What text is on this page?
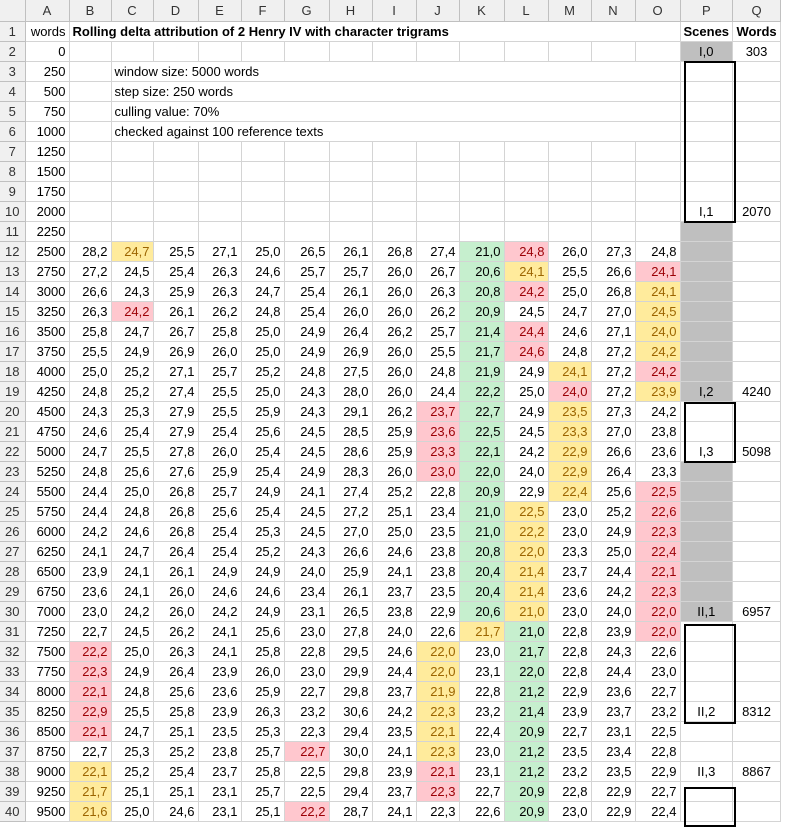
	A	B	C	D	E	F	G	H	I	J	K	L	M	N	O	P	Q
1	words	Rolling delta attribution of 2 Henry IV with character trigrams														Scenes	Words
2	0															I,0	303
3	250		window size: 5000 words														
4	500		step size: 250 words														
5	750		culling value: 70%														
6	1000		checked against 100 reference texts														
7	1250																
8	1500																
9	1750																
10	2000															I,1	2070
11	2250																
12	2500	28,2	24,7	25,5	27,1	25,0	26,5	26,1	26,8	27,4	21,0	24,8	26,0	27,3	24,8		
13	2750	27,2	24,5	25,4	26,3	24,6	25,7	25,7	26,0	26,7	20,6	24,1	25,5	26,6	24,1		
14	3000	26,6	24,3	25,9	26,3	24,7	25,4	26,1	26,0	26,3	20,8	24,2	25,0	26,8	24,1		
15	3250	26,3	24,2	26,1	26,2	24,8	25,4	26,0	26,0	26,2	20,9	24,5	24,7	27,0	24,5		
16	3500	25,8	24,7	26,7	25,8	25,0	24,9	26,4	26,2	25,7	21,4	24,4	24,6	27,1	24,0		
17	3750	25,5	24,9	26,9	26,0	25,0	24,9	26,9	26,0	25,5	21,7	24,6	24,8	27,2	24,2		
18	4000	25,0	25,2	27,1	25,7	25,2	24,8	27,5	26,0	24,8	21,9	24,9	24,1	27,2	24,2		
19	4250	24,8	25,2	27,4	25,5	25,0	24,3	28,0	26,0	24,4	22,2	25,0	24,0	27,2	23,9	I,2	4240
20	4500	24,3	25,3	27,9	25,5	25,9	24,3	29,1	26,2	23,7	22,7	24,9	23,5	27,3	24,2		
21	4750	24,6	25,4	27,9	25,4	25,6	24,5	28,5	25,9	23,6	22,5	24,5	23,3	27,0	23,8		
22	5000	24,7	25,5	27,8	26,0	25,4	24,5	28,6	25,9	23,3	22,1	24,2	22,9	26,6	23,6	I,3	5098
23	5250	24,8	25,6	27,6	25,9	25,4	24,9	28,3	26,0	23,0	22,0	24,0	22,9	26,4	23,3		
24	5500	24,4	25,0	26,8	25,7	24,9	24,1	27,4	25,2	22,8	20,9	22,9	22,4	25,6	22,5		
25	5750	24,4	24,8	26,8	25,6	25,4	24,5	27,2	25,1	23,4	21,0	22,5	23,0	25,2	22,6		
26	6000	24,2	24,6	26,8	25,4	25,3	24,5	27,0	25,0	23,5	21,0	22,2	23,0	24,9	22,3		
27	6250	24,1	24,7	26,4	25,4	25,2	24,3	26,6	24,6	23,8	20,8	22,0	23,3	25,0	22,4		
28	6500	23,9	24,1	26,1	24,9	24,9	24,0	25,9	24,1	23,8	20,4	21,4	23,7	24,4	22,1		
29	6750	23,6	24,1	26,0	24,6	24,6	23,4	26,1	23,7	23,5	20,4	21,4	23,6	24,2	22,3		
30	7000	23,0	24,2	26,0	24,2	24,9	23,1	26,5	23,8	22,9	20,6	21,0	23,0	24,0	22,0	II,1	6957
31	7250	22,7	24,5	26,2	24,1	25,6	23,0	27,8	24,0	22,6	21,7	21,0	22,8	23,9	22,0		
32	7500	22,2	25,0	26,3	24,1	25,8	22,8	29,5	24,6	22,0	23,0	21,7	22,8	24,3	22,6		
33	7750	22,3	24,9	26,4	23,9	26,0	23,0	29,9	24,4	22,0	23,1	22,0	22,8	24,4	23,0		
34	8000	22,1	24,8	25,6	23,6	25,9	22,7	29,8	23,7	21,9	22,8	21,2	22,9	23,6	22,7		
35	8250	22,9	25,5	25,8	23,9	26,3	23,2	30,6	24,2	22,3	23,2	21,4	23,9	23,7	23,2	II,2	8312
36	8500	22,1	24,7	25,1	23,5	25,3	22,3	29,4	23,5	22,1	22,4	20,9	22,7	23,1	22,5		
37	8750	22,7	25,3	25,2	23,8	25,7	22,7	30,0	24,1	22,3	23,0	21,2	23,5	23,4	22,8		
38	9000	22,1	25,2	25,4	23,7	25,8	22,5	29,8	23,9	22,1	23,1	21,2	23,2	23,5	22,9	II,3	8867
39	9250	21,7	25,1	25,1	23,1	25,7	22,5	29,4	23,7	22,3	22,7	20,9	22,8	22,9	22,7		
40	9500	21,6	25,0	24,6	23,1	25,1	22,2	28,7	24,1	22,3	22,6	20,9	23,0	22,9	22,4		
